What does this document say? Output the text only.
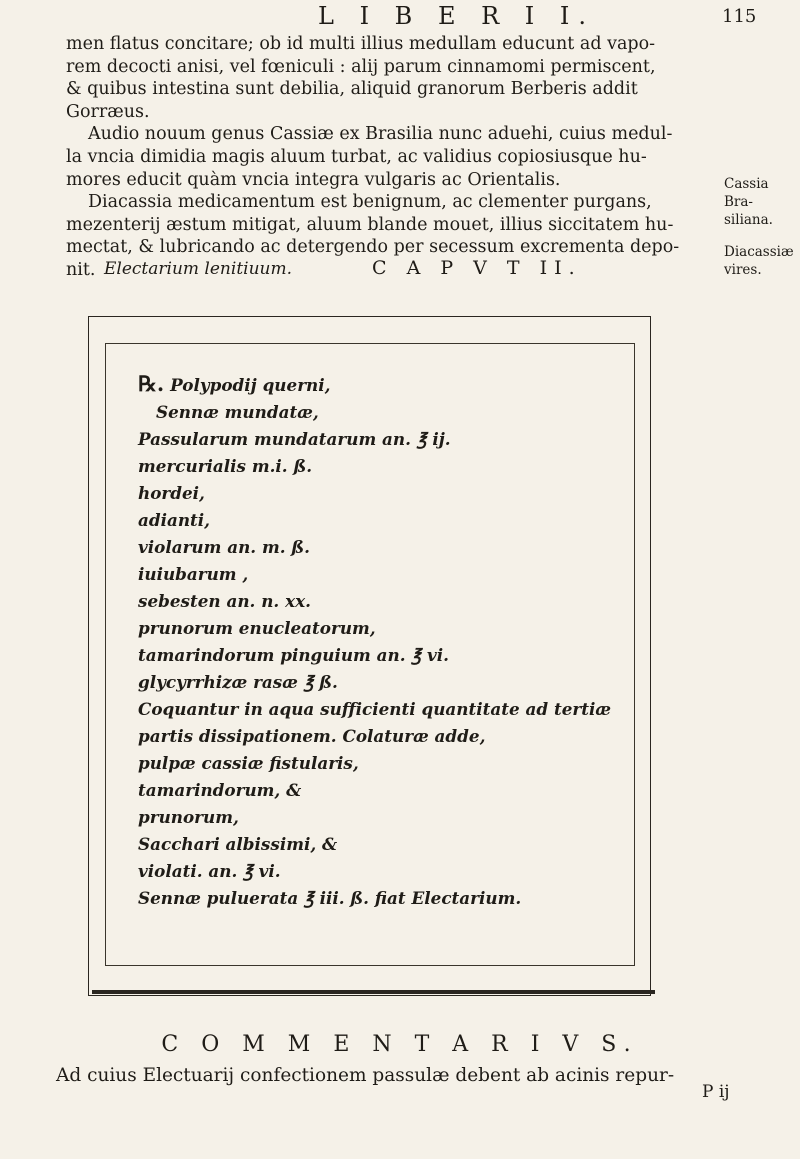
L I B E R I I.	115

men flatus concitare; ob id multi illius medullam educunt ad vapo-
rem decocti anisi, vel fœniculi : alij parum cinnamomi permiscent,
& quibus intestina sunt debilia, aliquid granorum Berberis addit
Gorræus.

Audio nouum genus Cassiæ ex Brasilia nunc aduehi, cuius medul-
la vncia dimidia magis aluum turbat, ac validius copiosiusque hu-
mores educit quàm vncia integra vulgaris ac Orientalis.

Diacassia medicamentum est benignum, ac clementer purgans,
mezenterij æstum mitigat, aluum blande mouet, illius siccitatem hu-
mectat, & lubricando ac detergendo per secessum excrementa depo-
nit.

Cassia Bra-
siliana.
Diacassiæ
vires.
Electarium lenitiuum.	C A P V T II.
℞. Polypodij querni,
Sennæ mundatæ,
Passularum mundatarum an. ℥ ij.
mercurialis m.i. ß.
hordei,
adianti,
violarum an. m. ß.
iuiubarum ,
sebesten an. n. xx.
prunorum enucleatorum,
tamarindorum pinguium an. ℥ vi.
glycyrrhizæ rasæ ℥ ß.
Coquantur in aqua sufficienti quantitate ad tertiæ
partis dissipationem. Colaturæ adde,
pulpæ cassiæ fistularis,
tamarindorum, &
prunorum,
Sacchari albissimi, &
violati. an. ℥ vi.
Sennæ puluerata ℥ iii. ß. fiat Electarium.
C O M M E N T A R I V S.
Ad cuius Electuarij confectionem passulæ debent ab acinis repur-
P ij
